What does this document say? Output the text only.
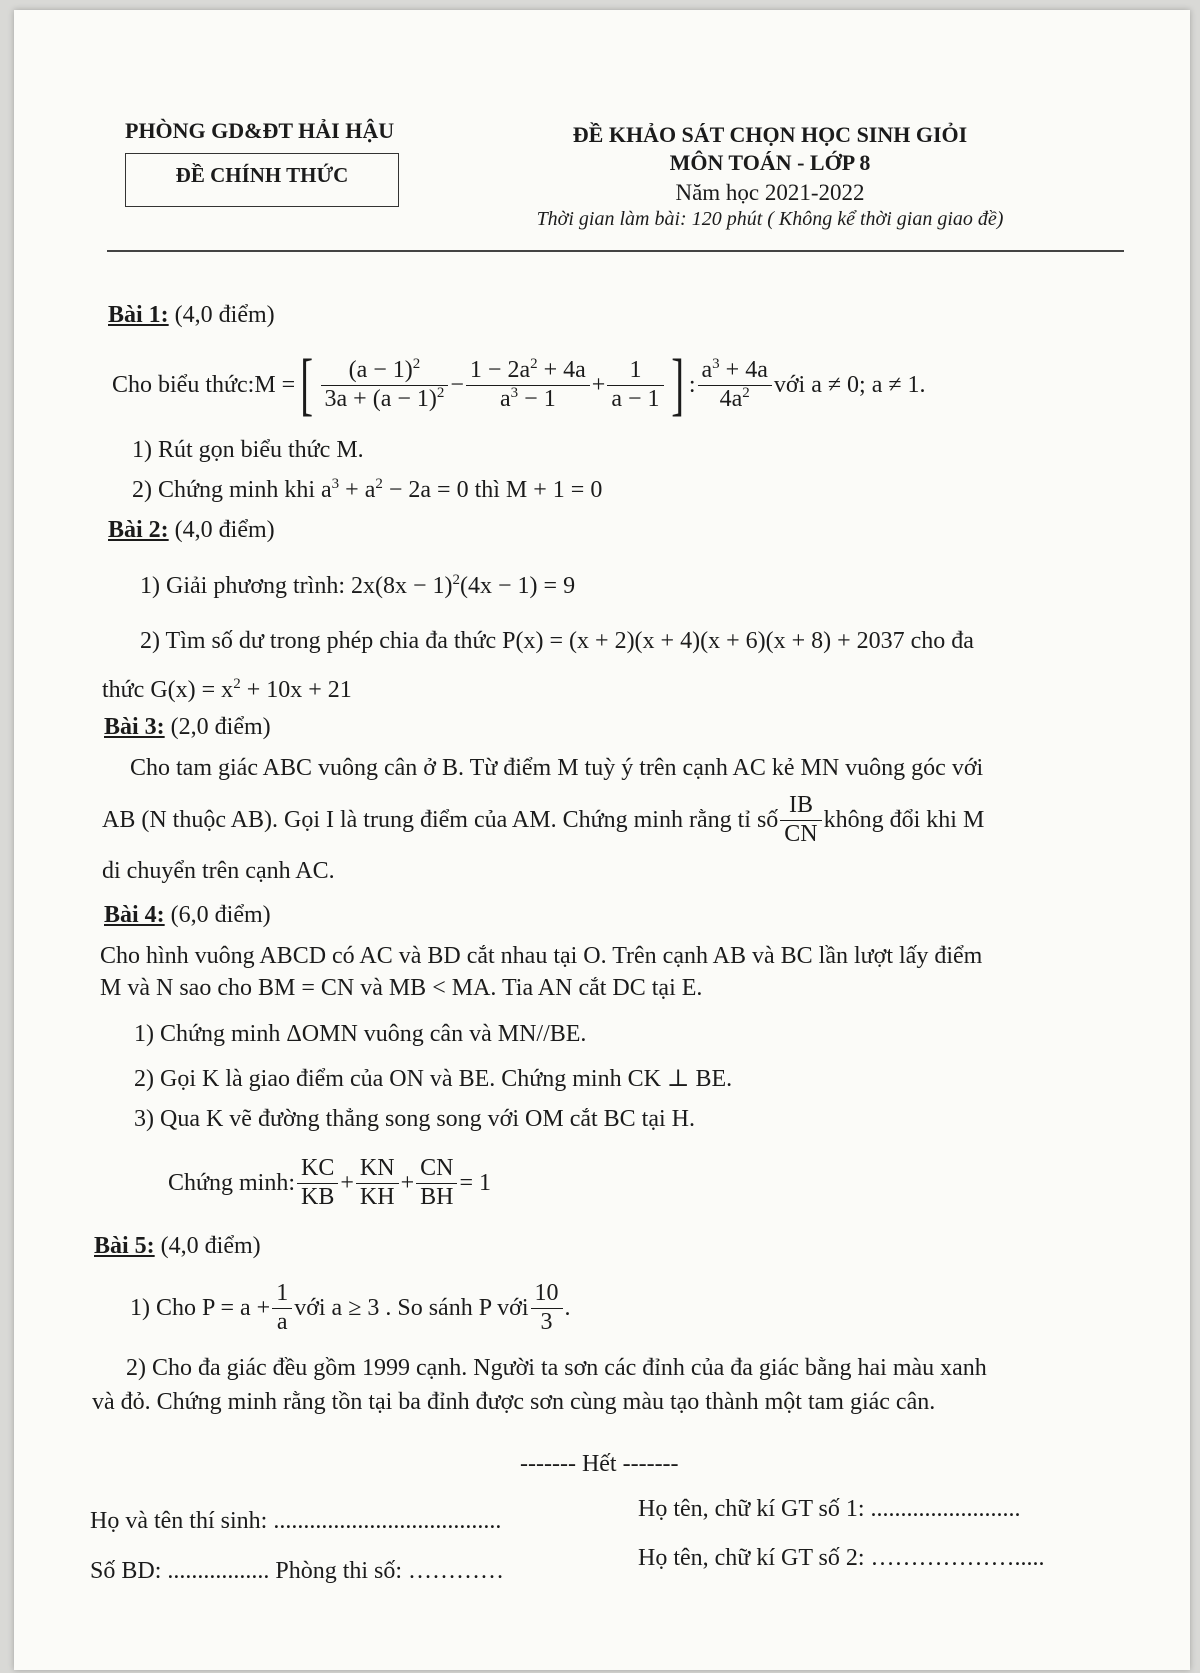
PHÒNG GD&ĐT HẢI HẬU
ĐỀ CHÍNH THỨC
ĐỀ KHẢO SÁT CHỌN HỌC SINH GIỎI
MÔN TOÁN - LỚP 8
Năm học 2021-2022
Thời gian làm bài: 120 phút ( Không kể thời gian giao đề)
Bài 1: (4,0 điểm)
Cho biểu thức: M = [ $\frac{(a - 1)^2}{3a + (a - 1)^2} - \frac{1 - 2a^2 + 4a}{a^3 - 1} + \frac{1}{a - 1}$ ] : $\frac{a^3 + 4a}{4a^2}$ với a ≠ 0; a ≠ 1.
1) Rút gọn biểu thức M.
2) Chứng minh khi $a^3 + a^2 - 2a = 0$ thì M + 1 = 0
Bài 2: (4,0 điểm)
1) Giải phương trình: $2x(8x - 1)^2(4x - 1) = 9$
2) Tìm số dư trong phép chia đa thức P(x) = (x + 2)(x + 4)(x + 6)(x + 8) + 2037 cho đa
thức $G(x) = x^2 + 10x + 21$
Bài 3: (2,0 điểm)
Cho tam giác ABC vuông cân ở B. Từ điểm M tuỳ ý trên cạnh AC kẻ MN vuông góc với
AB (N thuộc AB). Gọi I là trung điểm của AM. Chứng minh rằng tỉ số $\frac{IB}{CN}$ không đổi khi M
di chuyển trên cạnh AC.
Bài 4: (6,0 điểm)
Cho hình vuông ABCD có AC và BD cắt nhau tại O. Trên cạnh AB và BC lần lượt lấy điểm
M và N sao cho BM = CN và MB < MA. Tia AN cắt DC tại E.
1) Chứng minh ΔOMN vuông cân và MN//BE.
2) Gọi K là giao điểm của ON và BE. Chứng minh CK ⊥ BE.
3) Qua K vẽ đường thẳng song song với OM cắt BC tại H.
Chứng minh: $\frac{KC}{KB} + \frac{KN}{KH} + \frac{CN}{BH} = 1$
Bài 5: (4,0 điểm)
1) Cho $P = a + \frac{1}{a}$ với a ≥ 3 . So sánh P với $\frac{10}{3}$ .
2) Cho đa giác đều gồm 1999 cạnh. Người ta sơn các đỉnh của đa giác bằng hai màu xanh
và đỏ. Chứng minh rằng tồn tại ba đỉnh được sơn cùng màu tạo thành một tam giác cân.
------- Hết -------
Họ và tên thí sinh: ......................................	Họ tên, chữ kí GT số 1: .........................
Số BD: ................. Phòng thi số: …………	Họ tên, chữ kí GT số 2: ……………….....
